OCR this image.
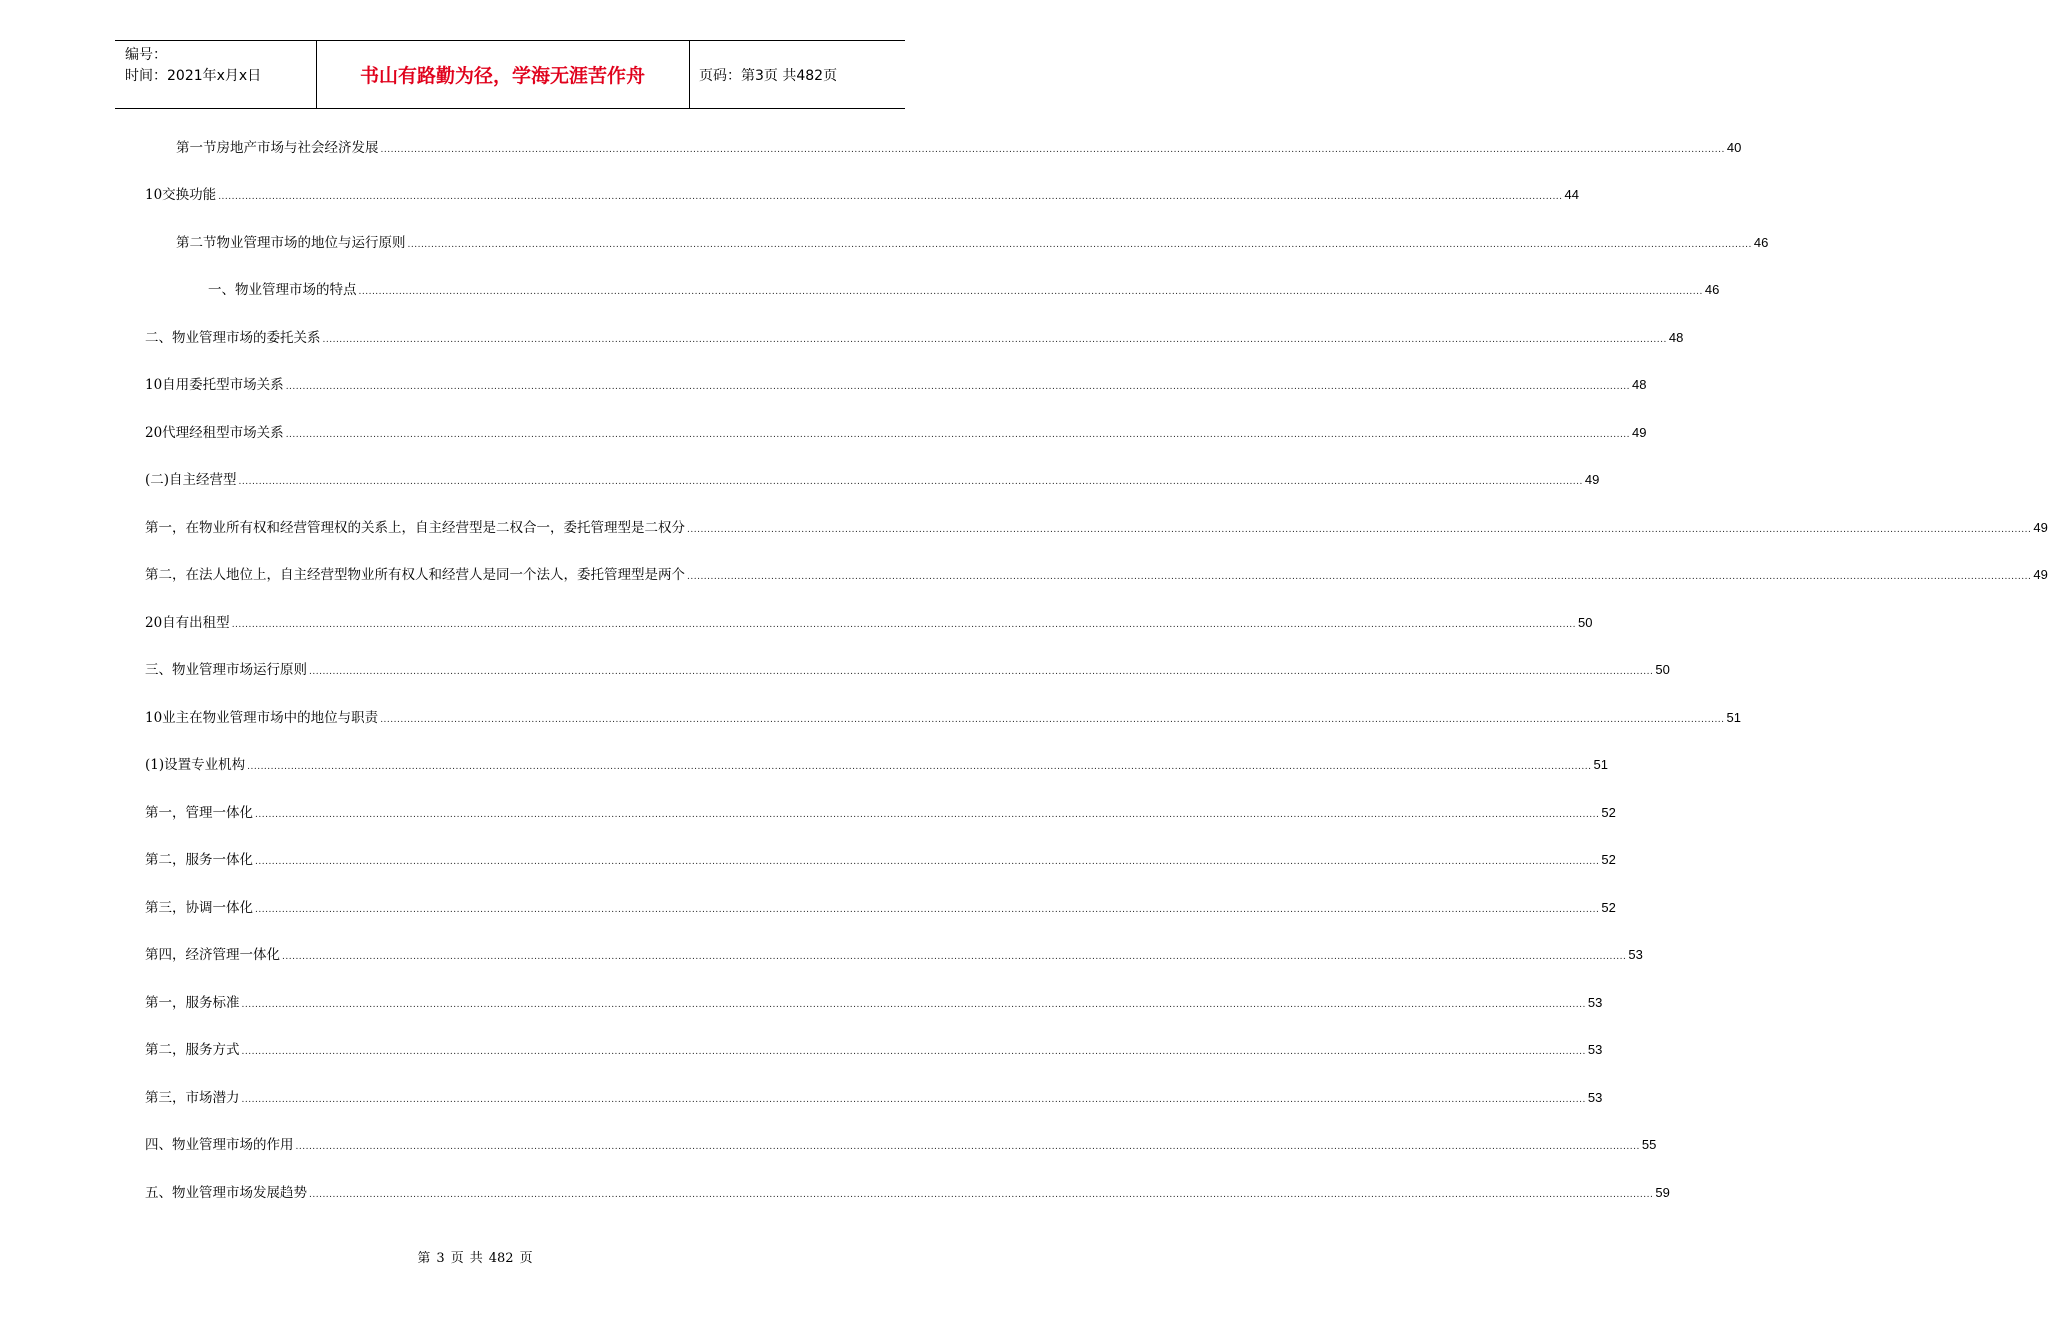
编号：
时间：2021年x月x日	书山有路勤为径，学海无涯苦作舟	页码：第3页 共482页
第一节房地产市场与社会经济发展 ................................................................................................................................................................................................................................................................................................................................................................................................................ 40
10交换功能 ................................................................................................................................................................................................................................................................................................................................................................................................................ 44
第二节物业管理市场的地位与运行原则 ................................................................................................................................................................................................................................................................................................................................................................................................................ 46
一、物业管理市场的特点 ................................................................................................................................................................................................................................................................................................................................................................................................................ 46
二、物业管理市场的委托关系 ................................................................................................................................................................................................................................................................................................................................................................................................................ 48
10自用委托型市场关系 ................................................................................................................................................................................................................................................................................................................................................................................................................ 48
20代理经租型市场关系 ................................................................................................................................................................................................................................................................................................................................................................................................................ 49
(二)自主经营型 ................................................................................................................................................................................................................................................................................................................................................................................................................ 49
第一，在物业所有权和经营管理权的关系上，自主经营型是二权合一，委托管理型是二权分 ................................................................................................................................................................................................................................................................................................................................................................................................................ 49
第二，在法人地位上，自主经营型物业所有权人和经营人是同一个法人，委托管理型是两个 ................................................................................................................................................................................................................................................................................................................................................................................................................ 49
20自有出租型 ................................................................................................................................................................................................................................................................................................................................................................................................................ 50
三、物业管理市场运行原则 ................................................................................................................................................................................................................................................................................................................................................................................................................ 50
10业主在物业管理市场中的地位与职责 ................................................................................................................................................................................................................................................................................................................................................................................................................ 51
(1)设置专业机构 ................................................................................................................................................................................................................................................................................................................................................................................................................ 51
第一，管理一体化 ................................................................................................................................................................................................................................................................................................................................................................................................................ 52
第二，服务一体化 ................................................................................................................................................................................................................................................................................................................................................................................................................ 52
第三，协调一体化 ................................................................................................................................................................................................................................................................................................................................................................................................................ 52
第四，经济管理一体化 ................................................................................................................................................................................................................................................................................................................................................................................................................ 53
第一，服务标准 ................................................................................................................................................................................................................................................................................................................................................................................................................ 53
第二，服务方式 ................................................................................................................................................................................................................................................................................................................................................................................................................ 53
第三，市场潜力 ................................................................................................................................................................................................................................................................................................................................................................................................................ 53
四、物业管理市场的作用 ................................................................................................................................................................................................................................................................................................................................................................................................................ 55
五、物业管理市场发展趋势 ................................................................................................................................................................................................................................................................................................................................................................................................................ 59
第 3 页 共 482 页
